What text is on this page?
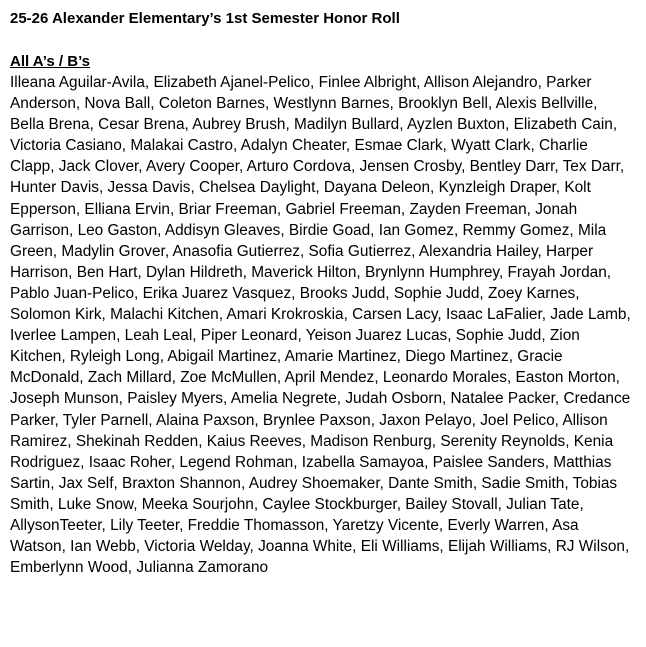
25-26 Alexander Elementary’s 1st Semester Honor Roll
All A’s / B’s

Illeana Aguilar-Avila, Elizabeth Ajanel-Pelico, Finlee Albright, Allison Alejandro, Parker Anderson, Nova Ball, Coleton Barnes, Westlynn Barnes, Brooklyn Bell, Alexis Bellville, Bella Brena, Cesar Brena, Aubrey Brush, Madilyn Bullard, Ayzlen Buxton, Elizabeth Cain, Victoria Casiano, Malakai Castro, Adalyn Cheater, Esmae Clark, Wyatt Clark, Charlie Clapp, Jack Clover, Avery Cooper, Arturo Cordova, Jensen Crosby, Bentley Darr, Tex Darr, Hunter Davis, Jessa Davis, Chelsea Daylight, Dayana Deleon, Kynzleigh Draper, Kolt Epperson, Elliana Ervin, Briar Freeman, Gabriel Freeman, Zayden Freeman, Jonah Garrison, Leo Gaston, Addisyn Gleaves, Birdie Goad, Ian Gomez, Remmy Gomez, Mila Green, Madylin Grover, Anasofia Gutierrez, Sofia Gutierrez, Alexandria Hailey, Harper Harrison, Ben Hart, Dylan Hildreth, Maverick Hilton, Brynlynn Humphrey, Frayah Jordan, Pablo Juan-Pelico, Erika Juarez Vasquez, Brooks Judd, Sophie Judd, Zoey Karnes, Solomon Kirk, Malachi Kitchen, Amari Krokroskia, Carsen Lacy, Isaac LaFalier, Jade Lamb, Iverlee Lampen, Leah Leal, Piper Leonard, Yeison Juarez Lucas, Sophie Judd, Zion Kitchen, Ryleigh Long, Abigail Martinez, Amarie Martinez, Diego Martinez, Gracie McDonald, Zach Millard, Zoe McMullen, April Mendez, Leonardo Morales, Easton Morton, Joseph Munson, Paisley Myers, Amelia Negrete, Judah Osborn, Natalee Packer, Credance Parker, Tyler Parnell, Alaina Paxson, Brynlee Paxson, Jaxon Pelayo, Joel Pelico, Allison Ramirez, Shekinah Redden, Kaius Reeves, Madison Renburg, Serenity Reynolds, Kenia Rodriguez, Isaac Roher, Legend Rohman, Izabella Samayoa, Paislee Sanders, Matthias Sartin, Jax Self, Braxton Shannon, Audrey Shoemaker, Dante Smith, Sadie Smith, Tobias Smith, Luke Snow, Meeka Sourjohn, Caylee Stockburger, Bailey Stovall, Julian Tate, AllysonTeeter, Lily Teeter, Freddie Thomasson, Yaretzy Vicente, Everly Warren, Asa Watson, Ian Webb, Victoria Welday, Joanna White, Eli Williams, Elijah Williams, RJ Wilson, Emberlynn Wood, Julianna Zamorano
